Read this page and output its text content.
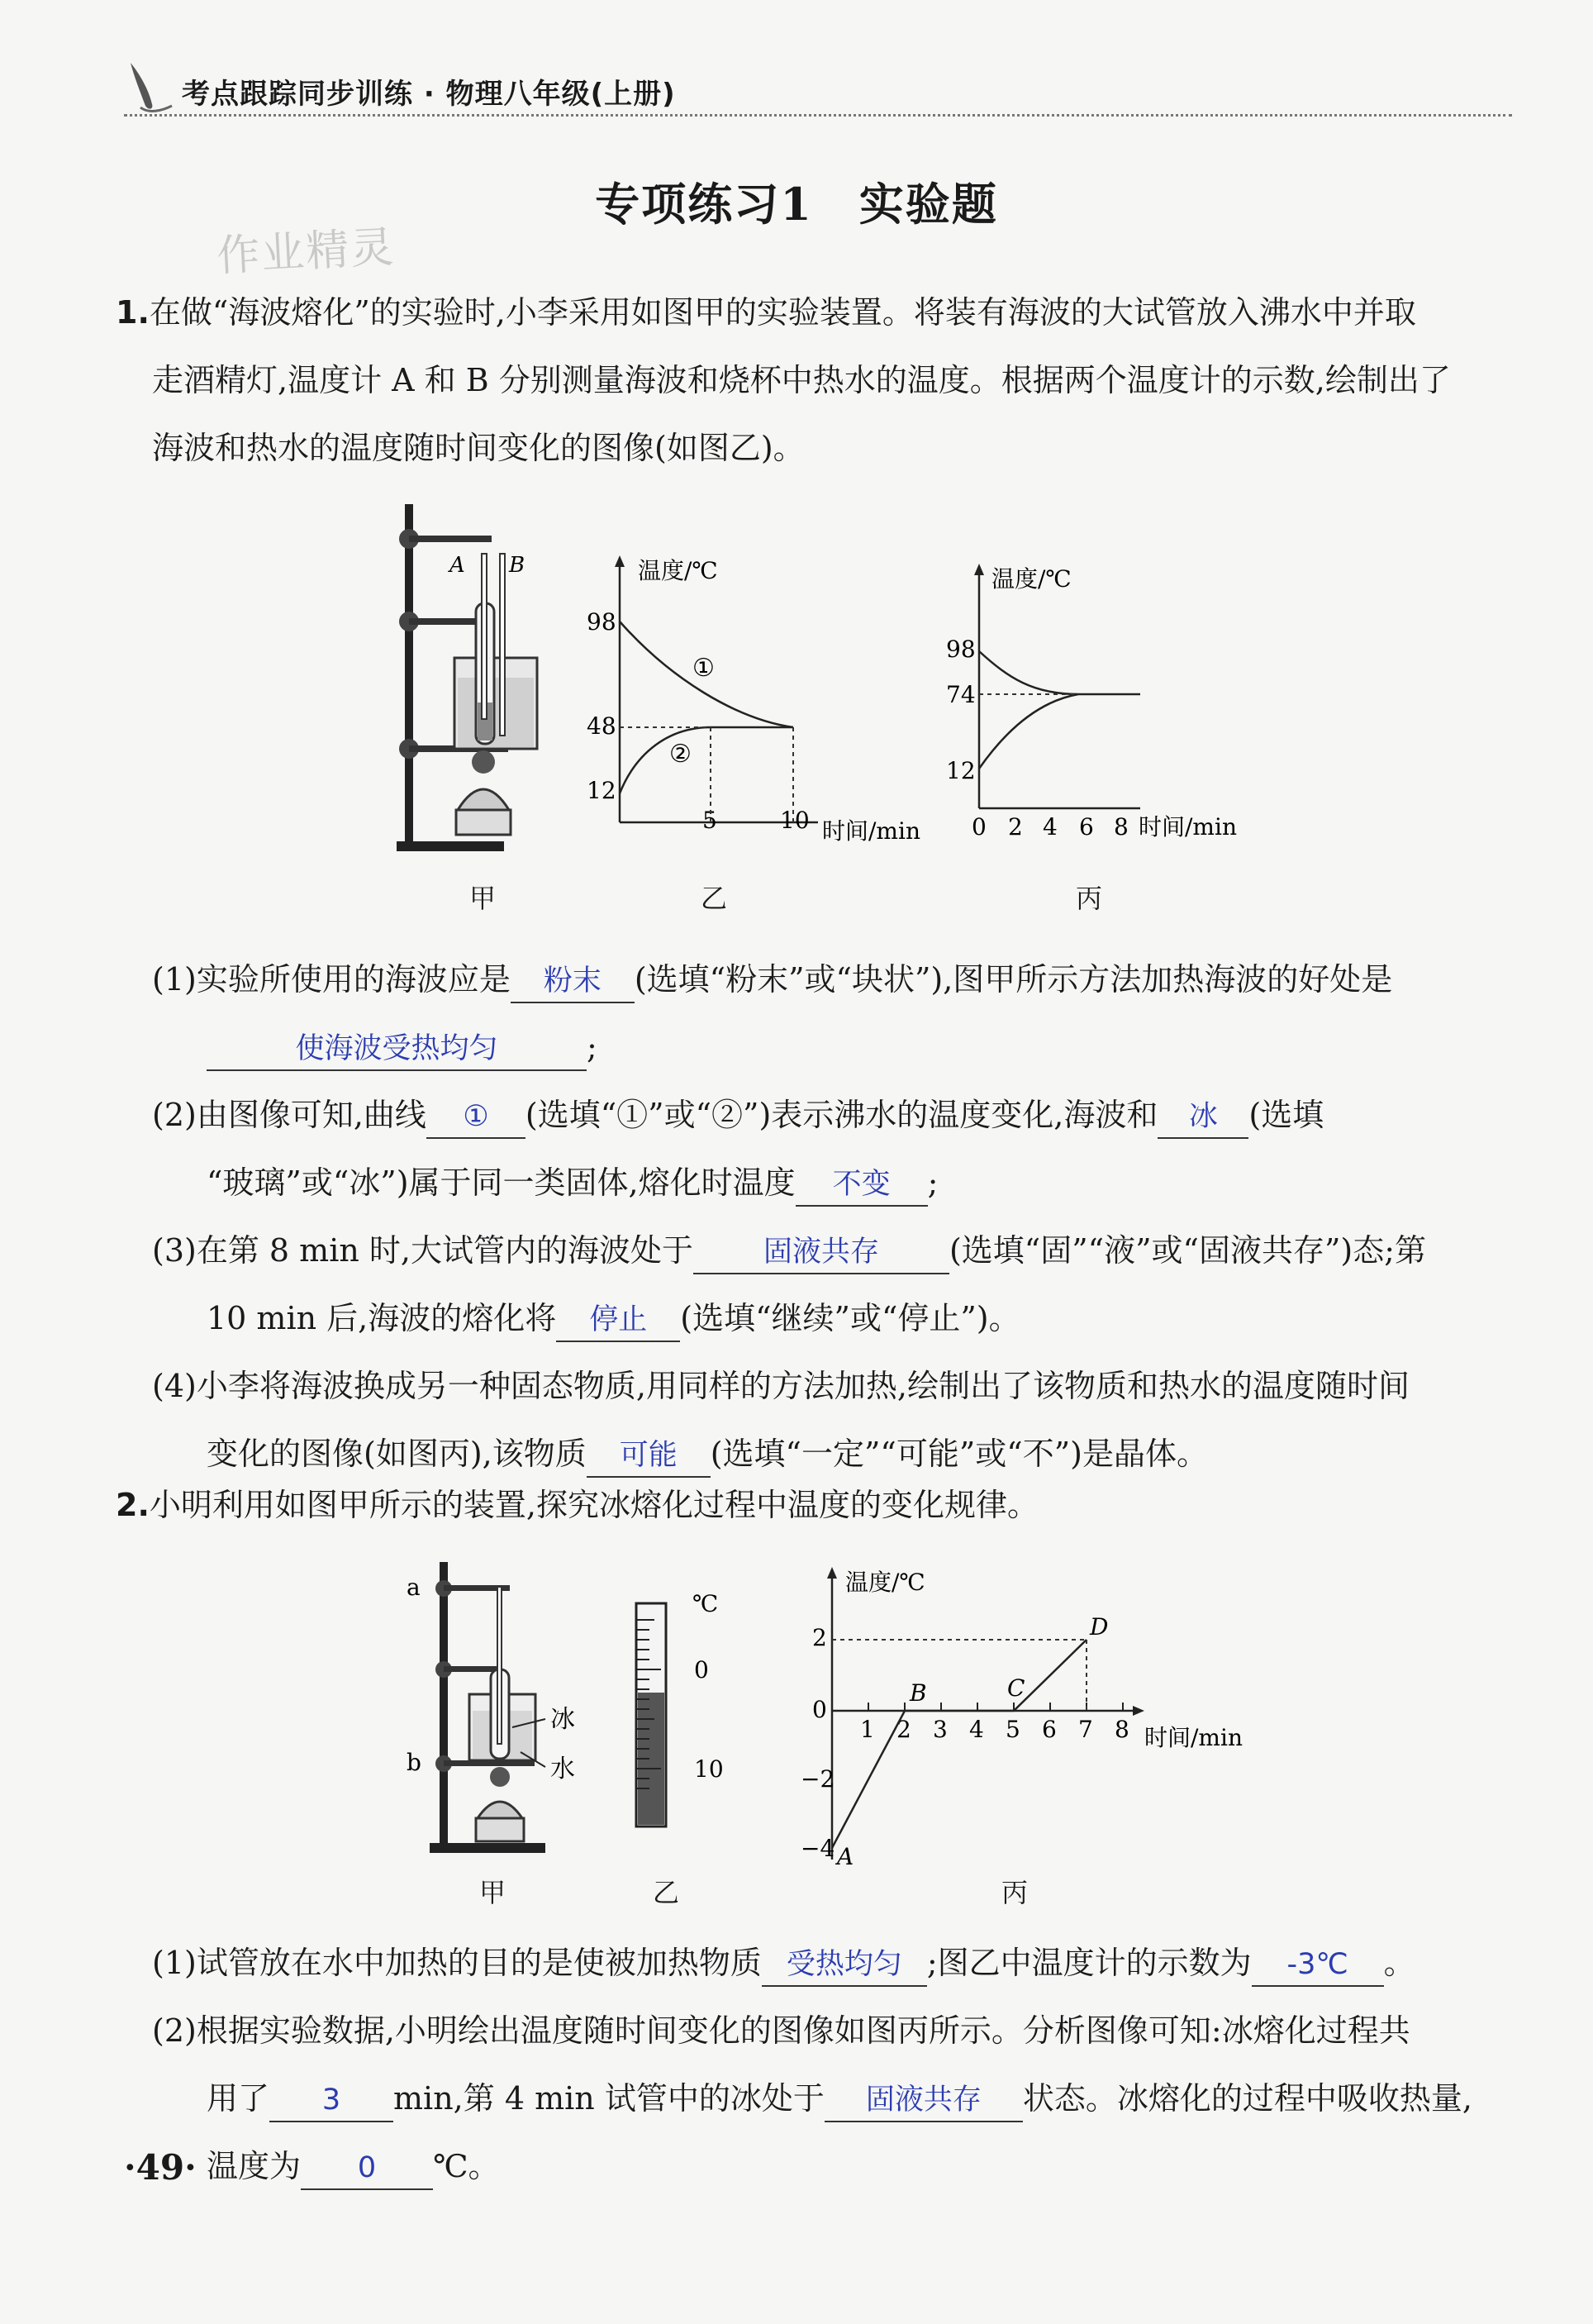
考点跟踪同步训练 · 物理八年级(上册)
专项练习1　实验题
作业精灵
1.在做“海波熔化”的实验时,小李采用如图甲的实验装置。将装有海波的大试管放入沸水中并取
走酒精灯,温度计 A 和 B 分别测量海波和烧杯中热水的温度。根据两个温度计的示数,绘制出了
海波和热水的温度随时间变化的图像(如图乙)。
A B	温度/℃
98
48
12
5	10 时间/min
①
②
温度/℃
98
74
12
0 2 4 6 8 时间/min
甲	乙	丙
(1)实验所使用的海波应是 粉末 (选填“粉末”或“块状”),图甲所示方法加热海波的好处是
使海波受热均匀	;
(2)由图像可知,曲线 ① (选填“①”或“②”)表示沸水的温度变化,海波和 冰 (选填
“玻璃”或“冰”)属于同一类固体,熔化时温度 不变 ;
(3)在第 8 min 时,大试管内的海波处于 固液共存 (选填“固”“液”或“固液共存”)态;第
10 min 后,海波的熔化将 停止 (选填“继续”或“停止”)。
(4)小李将海波换成另一种固态物质,用同样的方法加热,绘制出了该物质和热水的温度随时间
变化的图像(如图丙),该物质 可能 (选填“一定”“可能”或“不”)是晶体。
2.小明利用如图甲所示的装置,探究冰熔化过程中温度的变化规律。
a
b
冰
水
℃
0
10
温度/℃
2
0
−2
−4
1 2 3 4 5 6 7 8 时间/min
A
B	C
D
甲	乙	丙
(1)试管放在水中加热的目的是使被加热物质 受热均匀 ;图乙中温度计的示数为 -3℃ 。
(2)根据实验数据,小明绘出温度随时间变化的图像如图丙所示。分析图像可知:冰熔化过程共
用了 3 min,第 4 min 试管中的冰处于 固液共存 状态。冰熔化的过程中吸收热量,
温度为 0 ℃。
·49·
